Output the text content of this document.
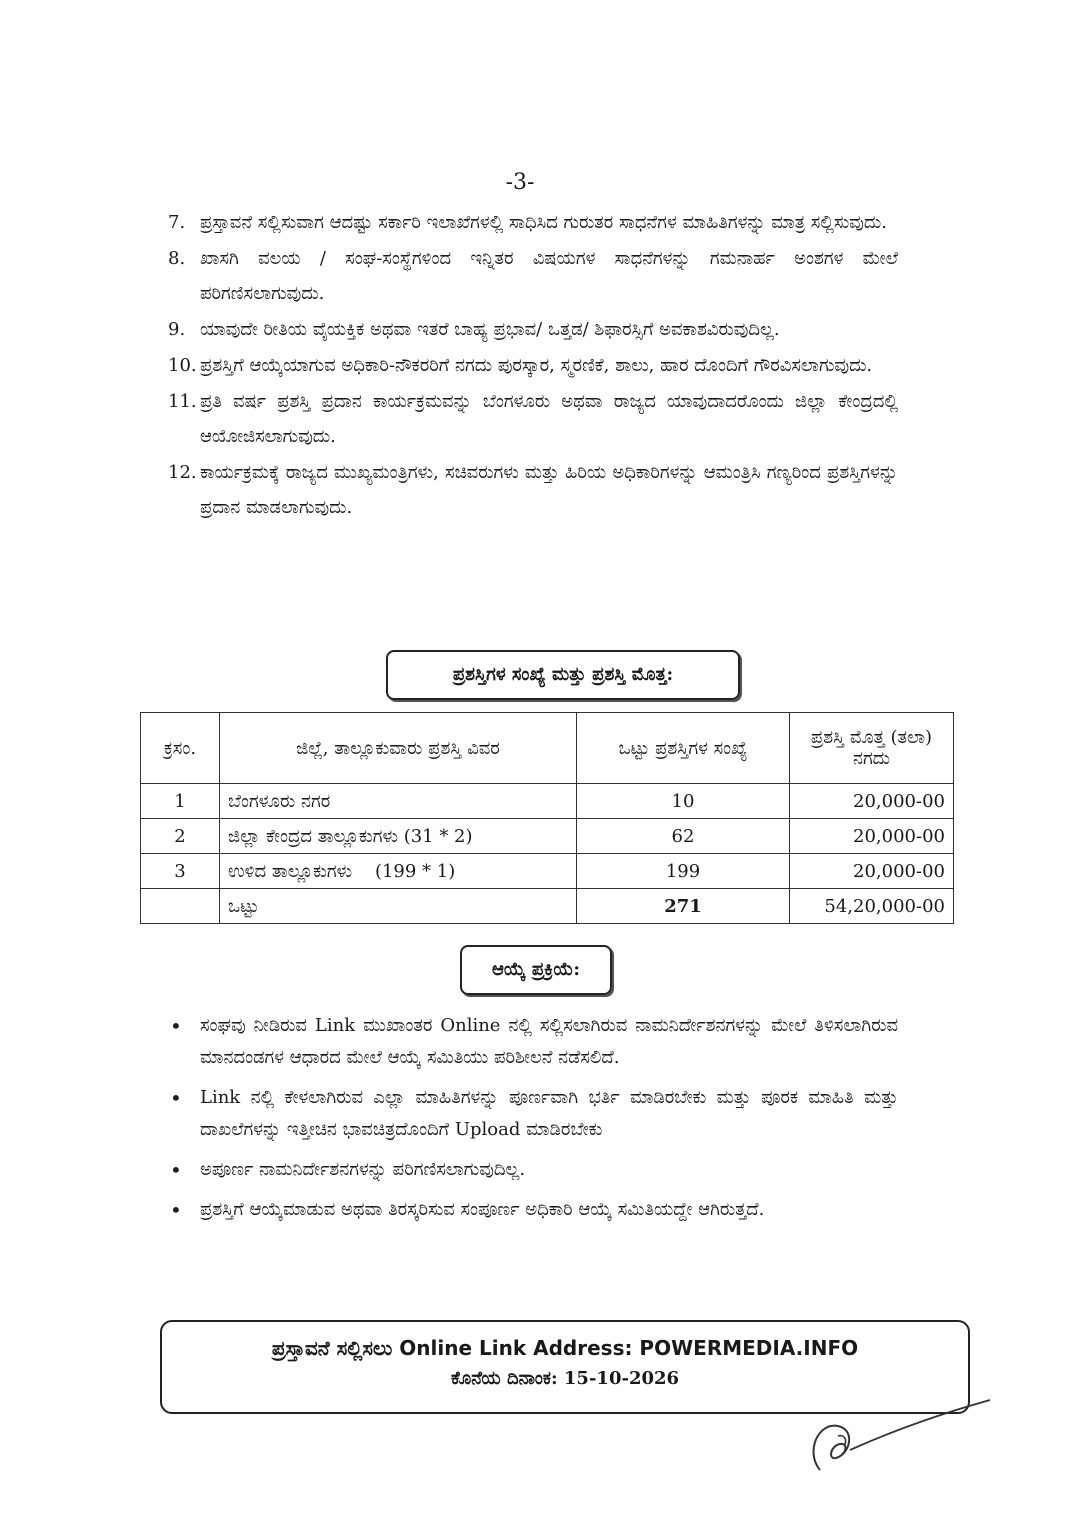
-3-
7. ಪ್ರಸ್ತಾವನೆ ಸಲ್ಲಿಸುವಾಗ ಆದಷ್ಟು ಸರ್ಕಾರಿ ಇಲಾಖೆಗಳಲ್ಲಿ ಸಾಧಿಸಿದ ಗುರುತರ ಸಾಧನೆಗಳ ಮಾಹಿತಿಗಳನ್ನು ಮಾತ್ರ ಸಲ್ಲಿಸುವುದು.
8. ಖಾಸಗಿ ವಲಯ / ಸಂಘ-ಸಂಸ್ಥೆಗಳಿಂದ ಇನ್ನಿತರ ವಿಷಯಗಳ ಸಾಧನೆಗಳನ್ನು ಗಮನಾರ್ಹ ಅಂಶಗಳ ಮೇಲೆ ಪರಿಗಣಿಸಲಾಗುವುದು.
9. ಯಾವುದೇ ರೀತಿಯ ವೈಯಕ್ತಿಕ ಅಥವಾ ಇತರೆ ಬಾಹ್ಯ ಪ್ರಭಾವ/ ಒತ್ತಡ/ ಶಿಫಾರಸ್ಸಿಗೆ ಅವಕಾಶವಿರುವುದಿಲ್ಲ.
10. ಪ್ರಶಸ್ತಿಗೆ ಆಯ್ಕೆಯಾಗುವ ಅಧಿಕಾರಿ-ನೌಕರರಿಗೆ ನಗದು ಪುರಸ್ಕಾರ, ಸ್ಮರಣಿಕೆ, ಶಾಲು, ಹಾರ ದೊಂದಿಗೆ ಗೌರವಿಸಲಾಗುವುದು.
11. ಪ್ರತಿ ವರ್ಷ ಪ್ರಶಸ್ತಿ ಪ್ರದಾನ ಕಾರ್ಯಕ್ರಮವನ್ನು ಬೆಂಗಳೂರು ಅಥವಾ ರಾಜ್ಯದ ಯಾವುದಾದರೊಂದು ಜಿಲ್ಲಾ ಕೇಂದ್ರದಲ್ಲಿ ಆಯೋಜಿಸಲಾಗುವುದು.
12. ಕಾರ್ಯಕ್ರಮಕ್ಕೆ ರಾಜ್ಯದ ಮುಖ್ಯಮಂತ್ರಿಗಳು, ಸಚಿವರುಗಳು ಮತ್ತು ಹಿರಿಯ ಅಧಿಕಾರಿಗಳನ್ನು ಆಮಂತ್ರಿಸಿ ಗಣ್ಯರಿಂದ ಪ್ರಶಸ್ತಿಗಳನ್ನು ಪ್ರದಾನ ಮಾಡಲಾಗುವುದು.
ಪ್ರಶಸ್ತಿಗಳ ಸಂಖ್ಯೆ ಮತ್ತು ಪ್ರಶಸ್ತಿ ಮೊತ್ತ:
ಕ್ರಸಂ.	ಜಿಲ್ಲೆ, ತಾಲ್ಲೂಕುವಾರು ಪ್ರಶಸ್ತಿ ವಿವರ	ಒಟ್ಟು ಪ್ರಶಸ್ತಿಗಳ ಸಂಖ್ಯೆ	ಪ್ರಶಸ್ತಿ ಮೊತ್ತ (ತಲಾ) ನಗದು
1	ಬೆಂಗಳೂರು ನಗರ	10	20,000-00
2	ಜಿಲ್ಲಾ ಕೇಂದ್ರದ ತಾಲ್ಲೂಕುಗಳು (31 * 2)	62	20,000-00
3	ಉಳಿದ ತಾಲ್ಲೂಕುಗಳು    (199 * 1)	199	20,000-00
	ಒಟ್ಟು	271	54,20,000-00
ಆಯ್ಕೆ ಪ್ರಕ್ರಿಯೆ:
• ಸಂಘವು ನೀಡಿರುವ Link ಮುಖಾಂತರ Online ನಲ್ಲಿ ಸಲ್ಲಿಸಲಾಗಿರುವ ನಾಮನಿರ್ದೇಶನಗಳನ್ನು ಮೇಲೆ ತಿಳಿಸಲಾಗಿರುವ ಮಾನದಂಡಗಳ ಆಧಾರದ ಮೇಲೆ ಆಯ್ಕೆ ಸಮಿತಿಯು ಪರಿಶೀಲನೆ ನಡೆಸಲಿದೆ.
• Link ನಲ್ಲಿ ಕೇಳಲಾಗಿರುವ ಎಲ್ಲಾ ಮಾಹಿತಿಗಳನ್ನು ಪೂರ್ಣವಾಗಿ ಭರ್ತಿ ಮಾಡಿರಬೇಕು ಮತ್ತು ಪೂರಕ ಮಾಹಿತಿ ಮತ್ತು ದಾಖಲೆಗಳನ್ನು ಇತ್ತೀಚಿನ ಭಾವಚಿತ್ರದೊಂದಿಗೆ Upload ಮಾಡಿರಬೇಕು
• ಅಪೂರ್ಣ ನಾಮನಿರ್ದೇಶನಗಳನ್ನು ಪರಿಗಣಿಸಲಾಗುವುದಿಲ್ಲ.
• ಪ್ರಶಸ್ತಿಗೆ ಆಯ್ಕೆಮಾಡುವ ಅಥವಾ ತಿರಸ್ಕರಿಸುವ ಸಂಪೂರ್ಣ ಅಧಿಕಾರಿ ಆಯ್ಕೆ ಸಮಿತಿಯದ್ದೇ ಆಗಿರುತ್ತದೆ.
ಪ್ರಸ್ತಾವನೆ ಸಲ್ಲಿಸಲು Online Link Address: POWERMEDIA.INFO
ಕೊನೆಯ ದಿನಾಂಕ: 15-10-2026
